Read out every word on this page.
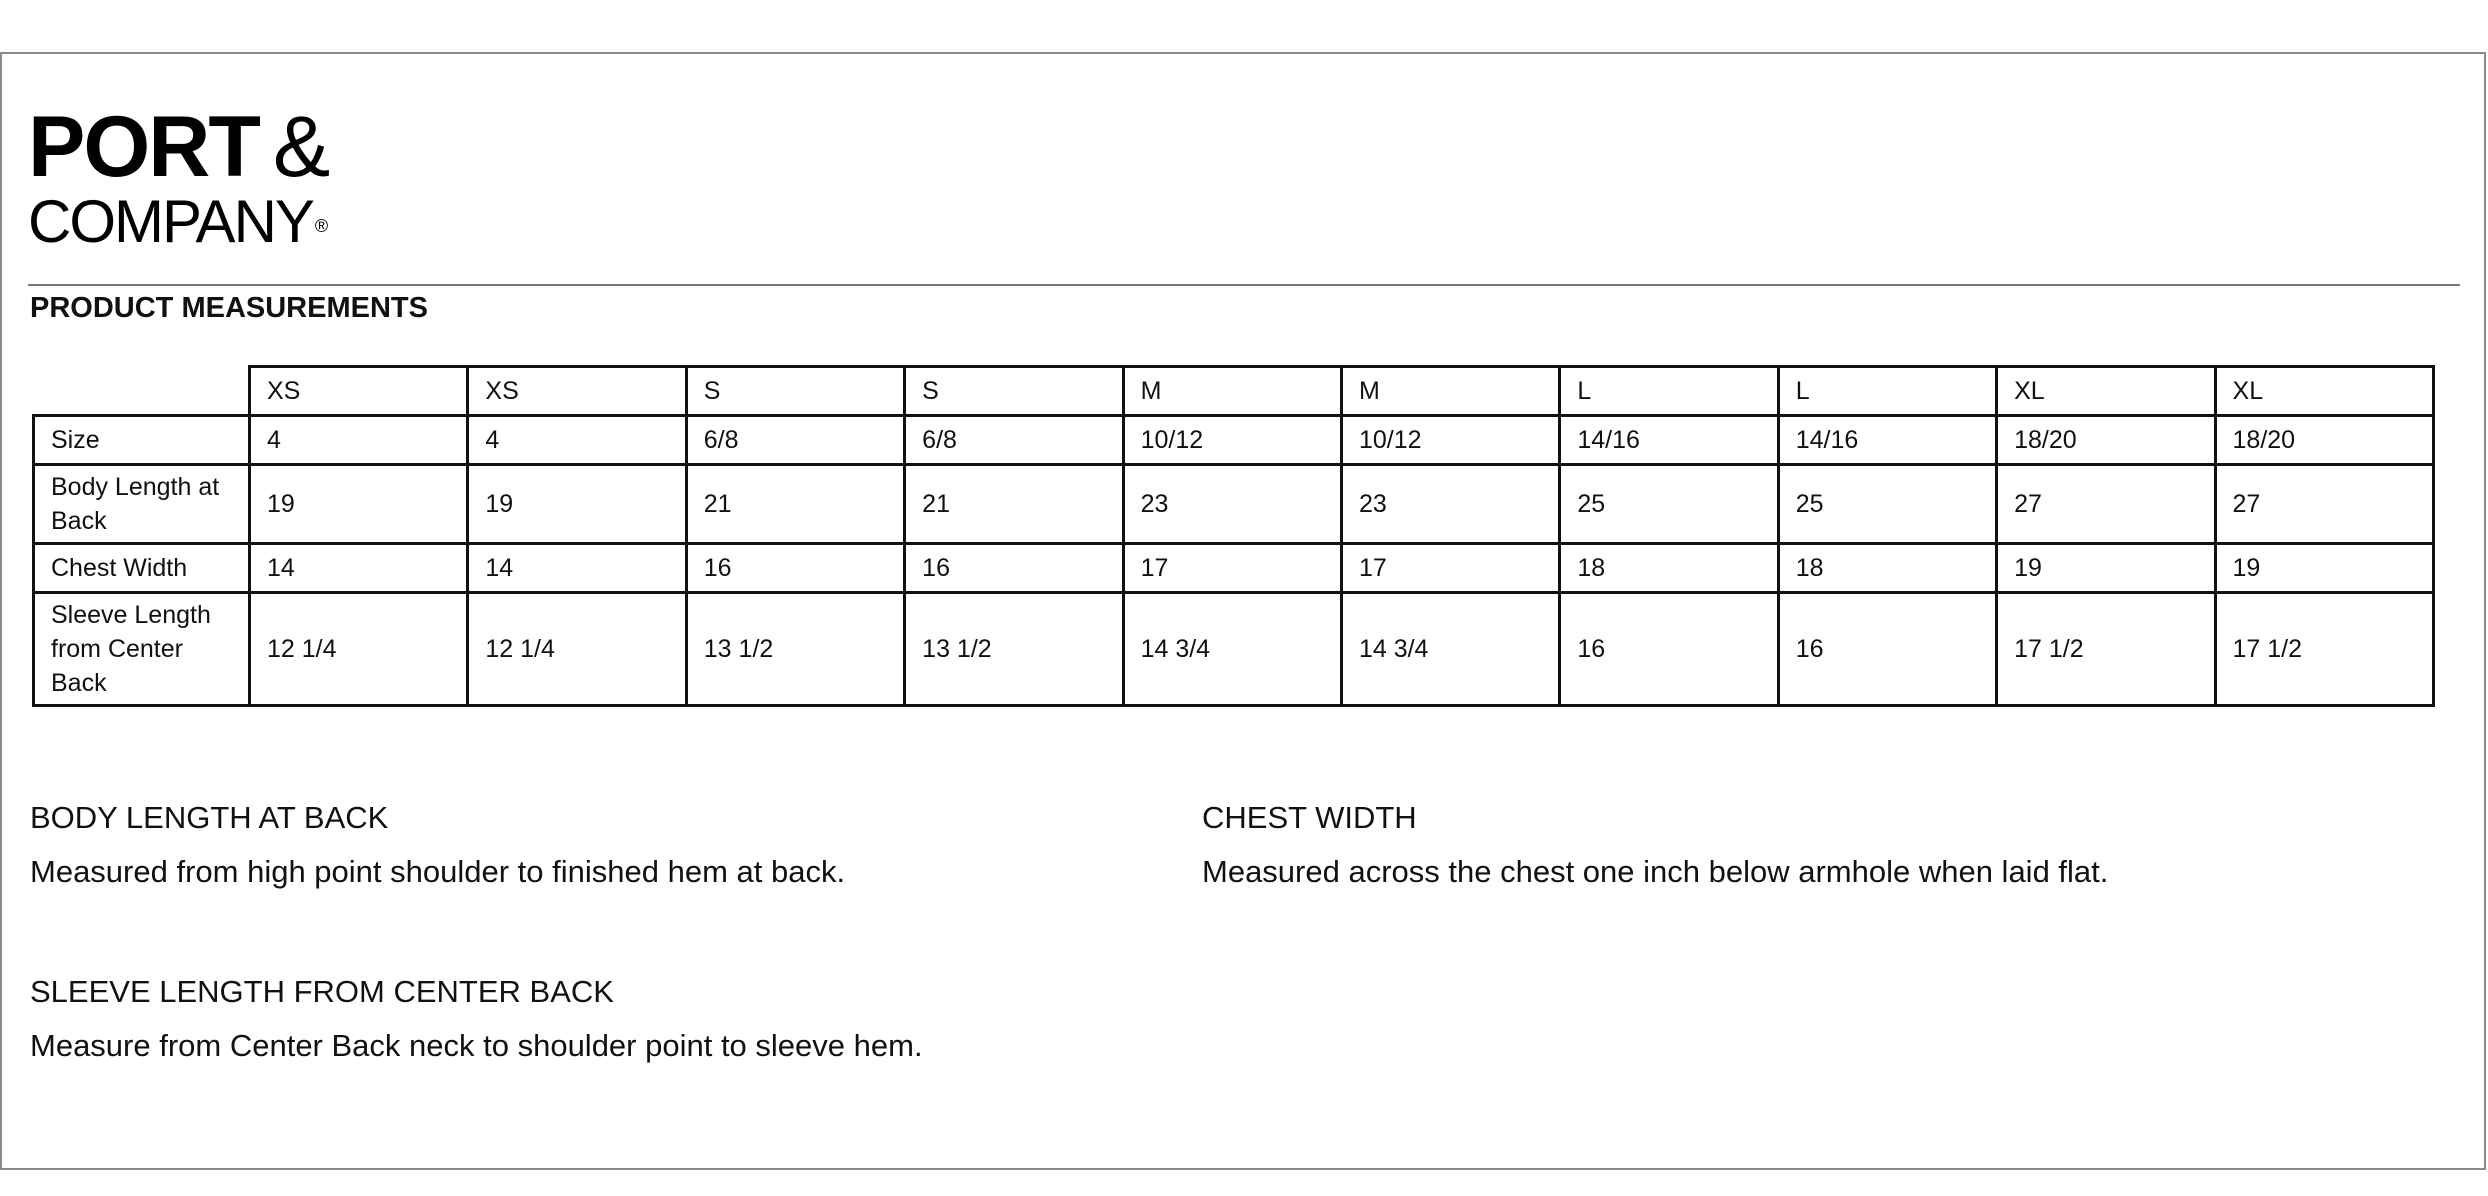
PORT &
COMPANY ®
PRODUCT MEASUREMENTS
	XS	XS	S	S	M	M	L	L	XL	XL
Size	4	4	6/8	6/8	10/12	10/12	14/16	14/16	18/20	18/20
Body Length at Back	19	19	21	21	23	23	25	25	27	27
Chest Width	14	14	16	16	17	17	18	18	19	19
Sleeve Length from Center Back	12 1/4	12 1/4	13 1/2	13 1/2	14 3/4	14 3/4	16	16	17 1/2	17 1/2
BODY LENGTH AT BACK
Measured from high point shoulder to finished hem at back.
CHEST WIDTH
Measured across the chest one inch below armhole when laid flat.
SLEEVE LENGTH FROM CENTER BACK
Measure from Center Back neck to shoulder point to sleeve hem.
